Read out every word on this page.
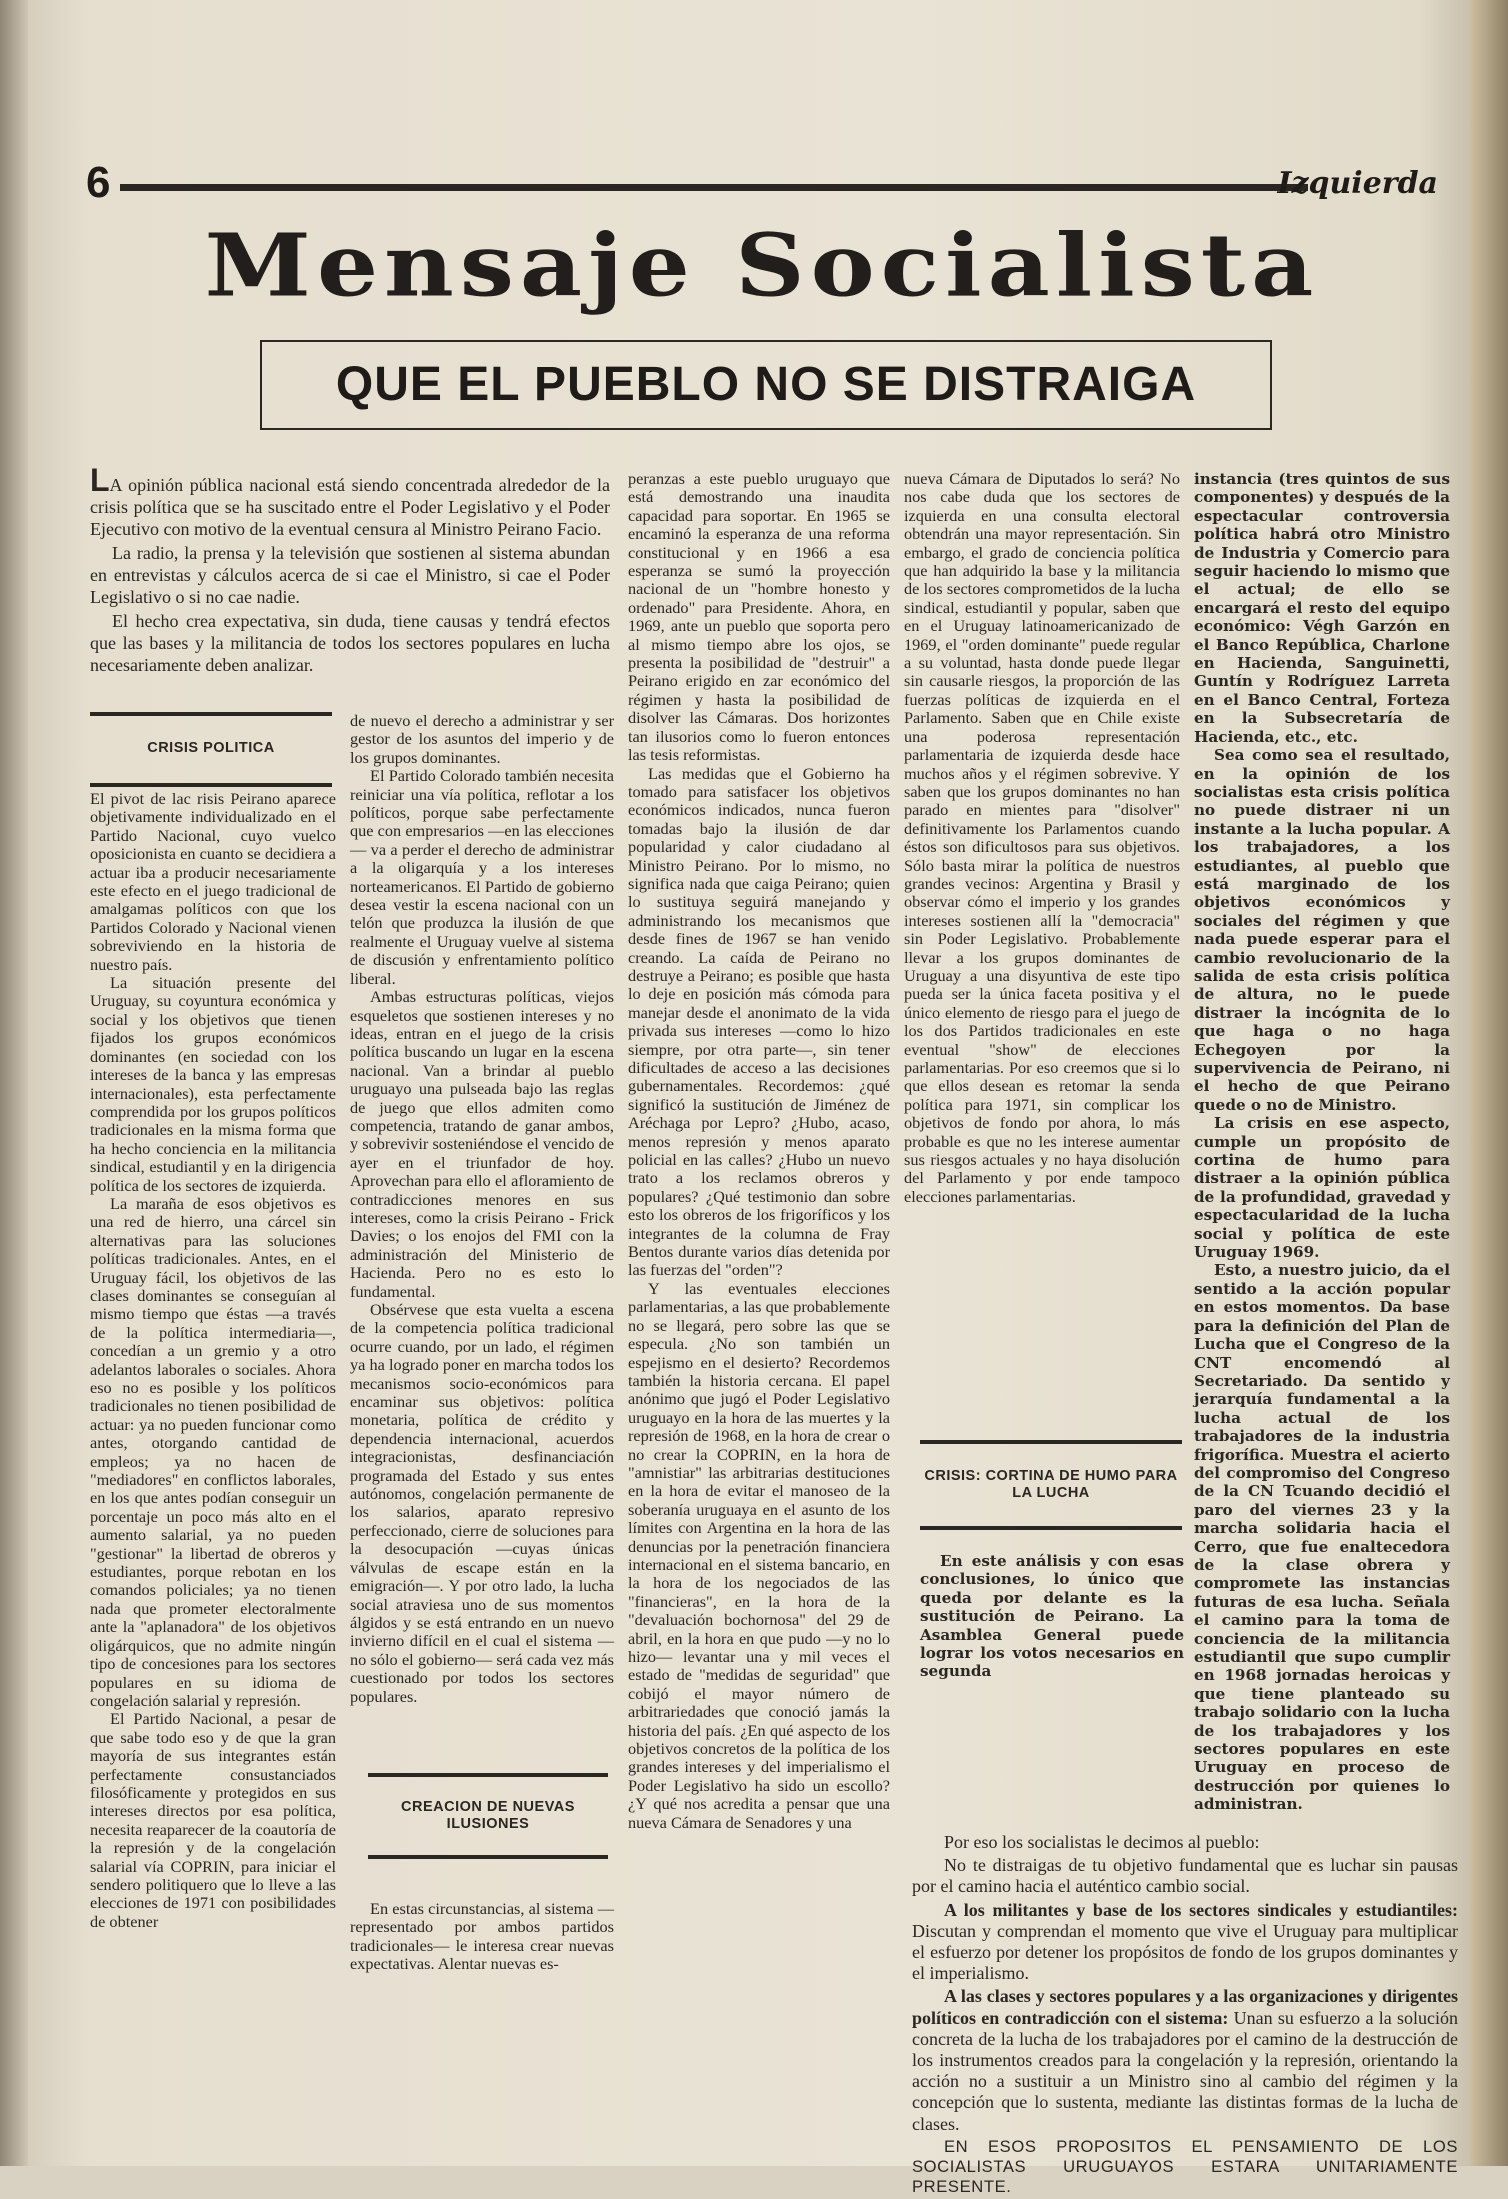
6	Izquierda
Mensaje Socialista
QUE EL PUEBLO NO SE DISTRAIGA

LA opinión pública nacional está siendo concentrada alrededor de la crisis política que se ha suscitado entre el Poder Legislativo y el Poder Ejecutivo con motivo de la eventual censura al Ministro Peirano Facio.

La radio, la prensa y la televisión que sostienen al sistema abundan en entrevistas y cálculos acerca de si cae el Ministro, si cae el Poder Legislativo o si no cae nadie.

El hecho crea expectativa, sin duda, tiene causas y tendrá efectos que las bases y la militancia de todos los sectores populares en lucha necesariamente deben analizar.

CRISIS POLITICA

El pivot de lac risis Peirano aparece objetivamente individualizado en el Partido Nacional, cuyo vuelco oposicionista en cuanto se decidiera a actuar iba a producir necesariamente este efecto en el juego tradicional de amalgamas políticos con que los Partidos Colorado y Nacional vienen sobreviviendo en la historia de nuestro país.

La situación presente del Uruguay, su coyuntura económica y social y los objetivos que tienen fijados los grupos económicos dominantes (en sociedad con los intereses de la banca y las empresas internacionales), esta perfectamente comprendida por los grupos políticos tradicionales en la misma forma que ha hecho conciencia en la militancia sindical, estudiantil y en la dirigencia política de los sectores de izquierda.

La maraña de esos objetivos es una red de hierro, una cárcel sin alternativas para las soluciones políticas tradicionales. Antes, en el Uruguay fácil, los objetivos de las clases dominantes se conseguían al mismo tiempo que éstas —a través de la política intermediaria—, concedían a un gremio y a otro adelantos laborales o sociales. Ahora eso no es posible y los políticos tradicionales no tienen posibilidad de actuar: ya no pueden funcionar como antes, otorgando cantidad de empleos; ya no hacen de "mediadores" en conflictos laborales, en los que antes podían conseguir un porcentaje un poco más alto en el aumento salarial, ya no pueden "gestionar" la libertad de obreros y estudiantes, porque rebotan en los comandos policiales; ya no tienen nada que prometer electoralmente ante la "aplanadora" de los objetivos oligárquicos, que no admite ningún tipo de concesiones para los sectores populares en su idioma de congelación salarial y represión.

El Partido Nacional, a pesar de que sabe todo eso y de que la gran mayoría de sus integrantes están perfectamente consustanciados filosóficamente y protegidos en sus intereses directos por esa política, necesita reaparecer de la coautoría de la represión y de la congelación salarial vía COPRIN, para iniciar el sendero politiquero que lo lleve a las elecciones de 1971 con posibilidades de obtener

de nuevo el derecho a administrar y ser gestor de los asuntos del imperio y de los grupos dominantes.

El Partido Colorado también necesita reiniciar una vía política, reflotar a los políticos, porque sabe perfectamente que con empresarios —en las elecciones— va a perder el derecho de administrar a la oligarquía y a los intereses norteamericanos. El Partido de gobierno desea vestir la escena nacional con un telón que produzca la ilusión de que realmente el Uruguay vuelve al sistema de discusión y enfrentamiento político liberal.

Ambas estructuras políticas, viejos esqueletos que sostienen intereses y no ideas, entran en el juego de la crisis política buscando un lugar en la escena nacional. Van a brindar al pueblo uruguayo una pulseada bajo las reglas de juego que ellos admiten como competencia, tratando de ganar ambos, y sobrevivir sosteniéndose el vencido de ayer en el triunfador de hoy. Aprovechan para ello el afloramiento de contradicciones menores en sus intereses, como la crisis Peirano - Frick Davies; o los enojos del FMI con la administración del Ministerio de Hacienda. Pero no es esto lo fundamental.

Obsérvese que esta vuelta a escena de la competencia política tradicional ocurre cuando, por un lado, el régimen ya ha logrado poner en marcha todos los mecanismos socio-económicos para encaminar sus objetivos: política monetaria, política de crédito y dependencia internacional, acuerdos integracionistas, desfinanciación programada del Estado y sus entes autónomos, congelación permanente de los salarios, aparato represivo perfeccionado, cierre de soluciones para la desocupación —cuyas únicas válvulas de escape están en la emigración—. Y por otro lado, la lucha social atraviesa uno de sus momentos álgidos y se está entrando en un nuevo invierno difícil en el cual el sistema —no sólo el gobierno— será cada vez más cuestionado por todos los sectores populares.

CREACION DE NUEVAS ILUSIONES

En estas circunstancias, al sistema —representado por ambos partidos tradicionales— le interesa crear nuevas expectativas. Alentar nuevas es-

peranzas a este pueblo uruguayo que está demostrando una inaudita capacidad para soportar. En 1965 se encaminó la esperanza de una reforma constitucional y en 1966 a esa esperanza se sumó la proyección nacional de un "hombre honesto y ordenado" para Presidente. Ahora, en 1969, ante un pueblo que soporta pero al mismo tiempo abre los ojos, se presenta la posibilidad de "destruir" a Peirano erigido en zar económico del régimen y hasta la posibilidad de disolver las Cámaras. Dos horizontes tan ilusorios como lo fueron entonces las tesis reformistas.

Las medidas que el Gobierno ha tomado para satisfacer los objetivos económicos indicados, nunca fueron tomadas bajo la ilusión de dar popularidad y calor ciudadano al Ministro Peirano. Por lo mismo, no significa nada que caiga Peirano; quien lo sustituya seguirá manejando y administrando los mecanismos que desde fines de 1967 se han venido creando. La caída de Peirano no destruye a Peirano; es posible que hasta lo deje en posición más cómoda para manejar desde el anonimato de la vida privada sus intereses —como lo hizo siempre, por otra parte—, sin tener dificultades de acceso a las decisiones gubernamentales. Recordemos: ¿qué significó la sustitución de Jiménez de Aréchaga por Lepro? ¿Hubo, acaso, menos represión y menos aparato policial en las calles? ¿Hubo un nuevo trato a los reclamos obreros y populares? ¿Qué testimonio dan sobre esto los obreros de los frigoríficos y los integrantes de la columna de Fray Bentos durante varios días detenida por las fuerzas del "orden"?

Y las eventuales elecciones parlamentarias, a las que probablemente no se llegará, pero sobre las que se especula. ¿No son también un espejismo en el desierto? Recordemos también la historia cercana. El papel anónimo que jugó el Poder Legislativo uruguayo en la hora de las muertes y la represión de 1968, en la hora de crear o no crear la COPRIN, en la hora de "amnistiar" las arbitrarias destituciones en la hora de evitar el manoseo de la soberanía uruguaya en el asunto de los límites con Argentina en la hora de las denuncias por la penetración financiera internacional en el sistema bancario, en la hora de los negociados de las "financieras", en la hora de la "devaluación bochornosa" del 29 de abril, en la hora en que pudo —y no lo hizo— levantar una y mil veces el estado de "medidas de seguridad" que cobijó el mayor número de arbitrariedades que conoció jamás la historia del país. ¿En qué aspecto de los objetivos concretos de la política de los grandes intereses y del imperialismo el Poder Legislativo ha sido un escollo? ¿Y qué nos acredita a pensar que una nueva Cámara de Senadores y una

nueva Cámara de Diputados lo será? No nos cabe duda que los sectores de izquierda en una consulta electoral obtendrán una mayor representación. Sin embargo, el grado de conciencia política que han adquirido la base y la militancia de los sectores comprometidos de la lucha sindical, estudiantil y popular, saben que en el Uruguay latinoamericanizado de 1969, el "orden dominante" puede regular a su voluntad, hasta donde puede llegar sin causarle riesgos, la proporción de las fuerzas políticas de izquierda en el Parlamento. Saben que en Chile existe una poderosa representación parlamentaria de izquierda desde hace muchos años y el régimen sobrevive. Y saben que los grupos dominantes no han parado en mientes para "disolver" definitivamente los Parlamentos cuando éstos son dificultosos para sus objetivos. Sólo basta mirar la política de nuestros grandes vecinos: Argentina y Brasil y observar cómo el imperio y los grandes intereses sostienen allí la "democracia" sin Poder Legislativo. Probablemente llevar a los grupos dominantes de Uruguay a una disyuntiva de este tipo pueda ser la única faceta positiva y el único elemento de riesgo para el juego de los dos Partidos tradicionales en este eventual "show" de elecciones parlamentarias. Por eso creemos que si lo que ellos desean es retomar la senda política para 1971, sin complicar los objetivos de fondo por ahora, lo más probable es que no les interese aumentar sus riesgos actuales y no haya disolución del Parlamento y por ende tampoco elecciones parlamentarias.

CRISIS: CORTINA DE HUMO PARA LA LUCHA

En este análisis y con esas conclusiones, lo único que queda por delante es la sustitución de Peirano. La Asamblea General puede lograr los votos necesarios en segunda

instancia (tres quintos de sus componentes) y después de la espectacular controversia política habrá otro Ministro de Industria y Comercio para seguir haciendo lo mismo que el actual; de ello se encargará el resto del equipo económico: Végh Garzón en el Banco República, Charlone en Hacienda, Sanguinetti, Guntín y Rodríguez Larreta en el Banco Central, Forteza en la Subsecretaría de Hacienda, etc., etc.

Sea como sea el resultado, en la opinión de los socialistas esta crisis política no puede distraer ni un instante a la lucha popular. A los trabajadores, a los estudiantes, al pueblo que está marginado de los objetivos económicos y sociales del régimen y que nada puede esperar para el cambio revolucionario de la salida de esta crisis política de altura, no le puede distraer la incógnita de lo que haga o no haga Echegoyen por la supervivencia de Peirano, ni el hecho de que Peirano quede o no de Ministro.

La crisis en ese aspecto, cumple un propósito de cortina de humo para distraer a la opinión pública de la profundidad, gravedad y espectacularidad de la lucha social y política de este Uruguay 1969.

Esto, a nuestro juicio, da el sentido a la acción popular en estos momentos. Da base para la definición del Plan de Lucha que el Congreso de la CNT encomendó al Secretariado. Da sentido y jerarquía fundamental a la lucha actual de los trabajadores de la industria frigorífica. Muestra el acierto del compromiso del Congreso de la CN Tcuando decidió el paro del viernes 23 y la marcha solidaria hacia el Cerro, que fue enaltecedora de la clase obrera y compromete las instancias futuras de esa lucha. Señala el camino para la toma de conciencia de la militancia estudiantil que supo cumplir en 1968 jornadas heroicas y que tiene planteado su trabajo solidario con la lucha de los trabajadores y los sectores populares en este Uruguay en proceso de destrucción por quienes lo administran.

Por eso los socialistas le decimos al pueblo:

No te distraigas de tu objetivo fundamental que es luchar sin pausas por el camino hacia el auténtico cambio social.

A los militantes y base de los sectores sindicales y estudiantiles: Discutan y comprendan el momento que vive el Uruguay para multiplicar el esfuerzo por detener los propósitos de fondo de los grupos dominantes y el imperialismo.

A las clases y sectores populares y a las organizaciones y dirigentes políticos en contradicción con el sistema: Unan su esfuerzo a la solución concreta de la lucha de los trabajadores por el camino de la destrucción de los instrumentos creados para la congelación y la represión, orientando la acción no a sustituir a un Ministro sino al cambio del régimen y la concepción que lo sustenta, mediante las distintas formas de la lucha de clases.

EN ESOS PROPOSITOS EL PENSAMIENTO DE LOS SOCIALISTAS URUGUAYOS ESTARA UNITARIAMENTE PRESENTE.
